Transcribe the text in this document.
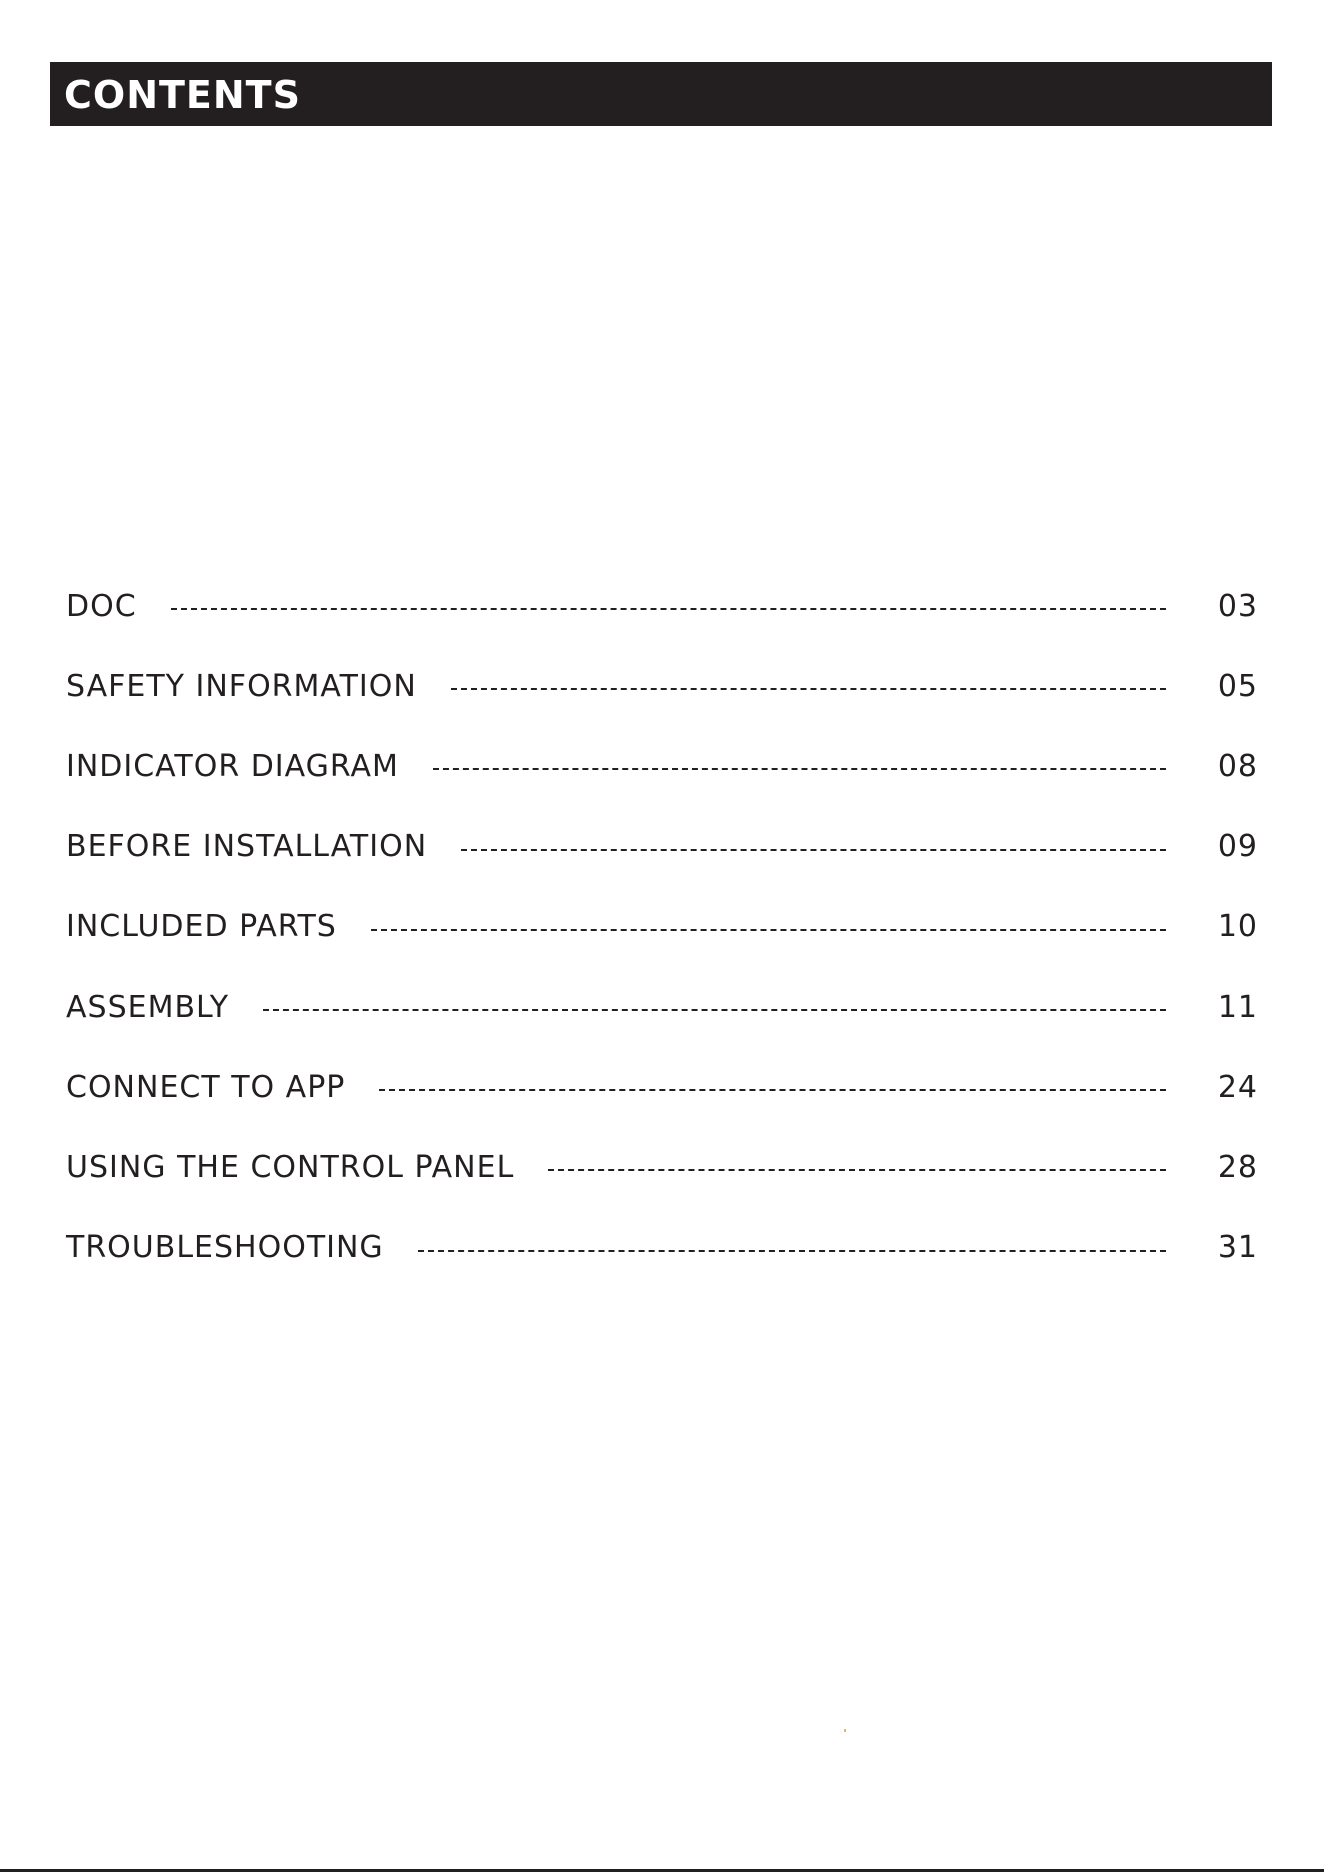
CONTENTS
DOC	03
SAFETY INFORMATION	05
INDICATOR DIAGRAM	08
BEFORE INSTALLATION	09
INCLUDED PARTS	10
ASSEMBLY	11
CONNECT TO APP	24
USING THE CONTROL PANEL	28
TROUBLESHOOTING	31
